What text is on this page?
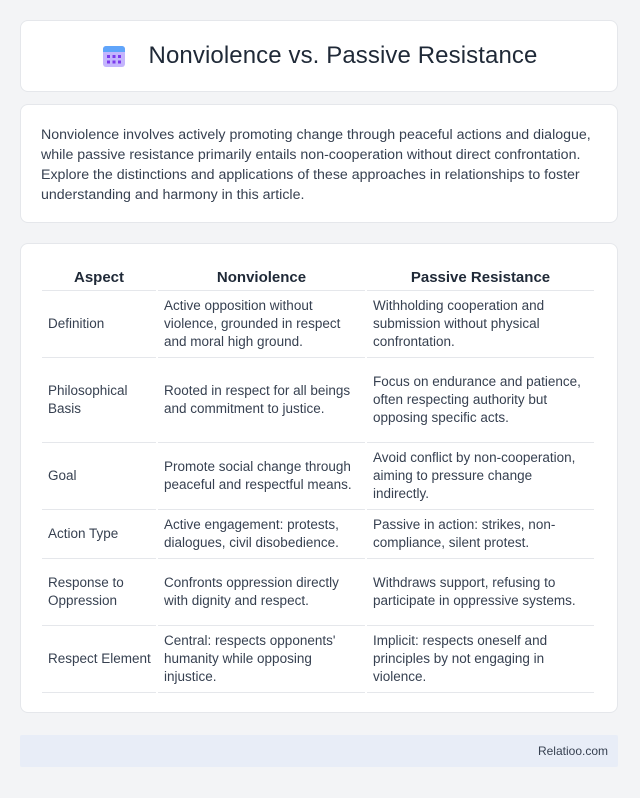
Nonviolence vs. Passive Resistance

Nonviolence involves actively promoting change through peaceful actions and dialogue, while passive resistance primarily entails non-cooperation without direct confrontation. Explore the distinctions and applications of these approaches in relationships to foster understanding and harmony in this article.

Aspect	Nonviolence	Passive Resistance
Definition	Active opposition without violence, grounded in respect and moral high ground.	Withholding cooperation and submission without physical confrontation.
Philosophical Basis	Rooted in respect for all beings and commitment to justice.	Focus on endurance and patience, often respecting authority but opposing specific acts.
Goal	Promote social change through peaceful and respectful means.	Avoid conflict by non-cooperation, aiming to pressure change indirectly.
Action Type	Active engagement: protests, dialogues, civil disobedience.	Passive in action: strikes, non-compliance, silent protest.
Response to Oppression	Confronts oppression directly with dignity and respect.	Withdraws support, refusing to participate in oppressive systems.
Respect Element	Central: respects opponents' humanity while opposing injustice.	Implicit: respects oneself and principles by not engaging in violence.
Relatioo.com
